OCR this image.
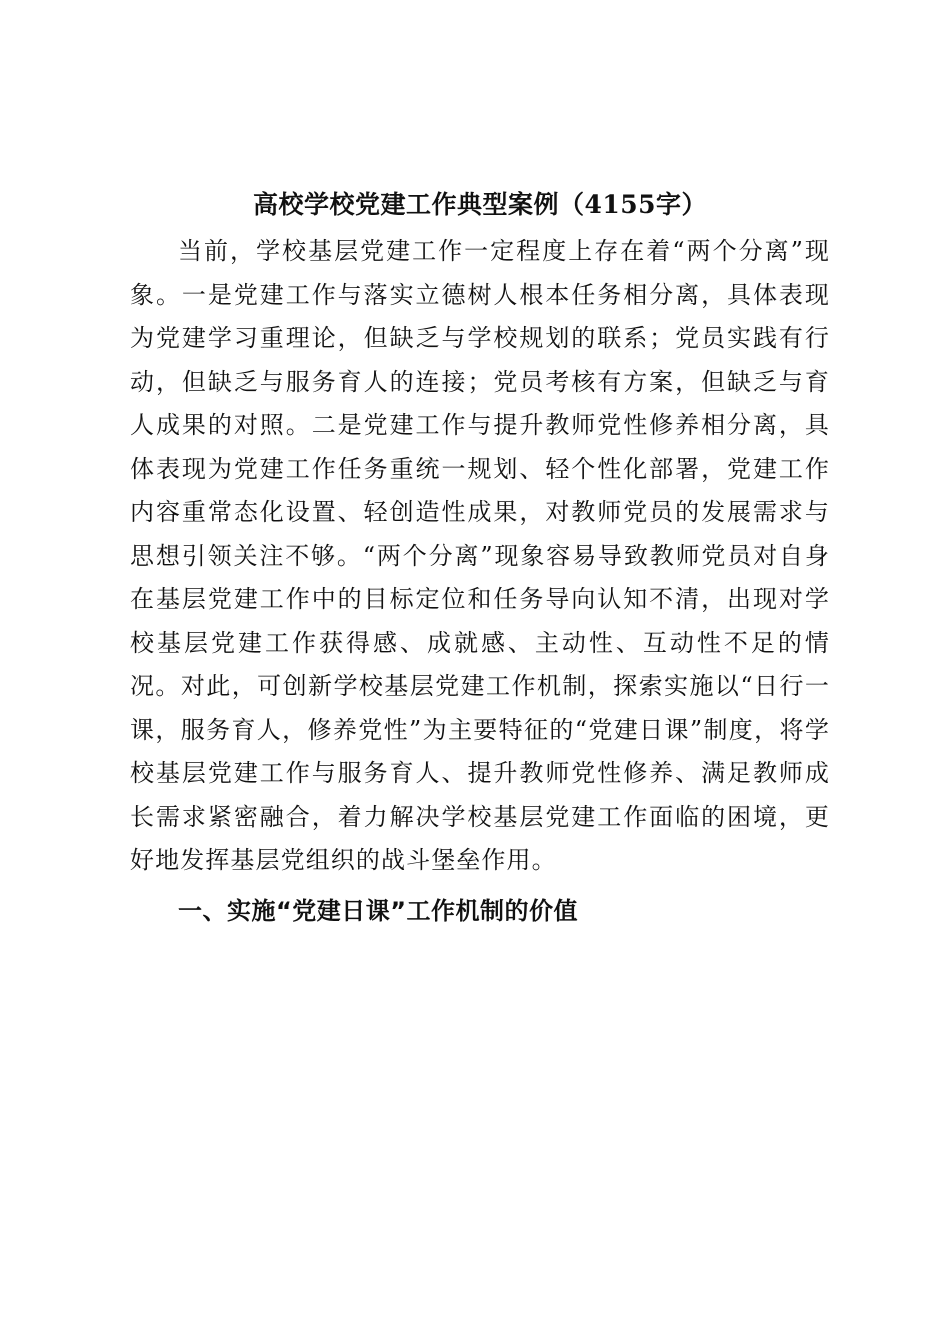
高校学校党建工作典型案例（4155字）

当前，学校基层党建工作一定程度上存在着“两个分离”现象。一是党建工作与落实立德树人根本任务相分离，具体表现为党建学习重理论，但缺乏与学校规划的联系；党员实践有行动，但缺乏与服务育人的连接；党员考核有方案，但缺乏与育人成果的对照。二是党建工作与提升教师党性修养相分离，具体表现为党建工作任务重统一规划、轻个性化部署，党建工作内容重常态化设置、轻创造性成果，对教师党员的发展需求与思想引领关注不够。“两个分离”现象容易导致教师党员对自身在基层党建工作中的目标定位和任务导向认知不清，出现对学校基层党建工作获得感、成就感、主动性、互动性不足的情况。对此，可创新学校基层党建工作机制，探索实施以“日行一课，服务育人，修养党性”为主要特征的“党建日课”制度，将学校基层党建工作与服务育人、提升教师党性修养、满足教师成长需求紧密融合，着力解决学校基层党建工作面临的困境，更好地发挥基层党组织的战斗堡垒作用。

一、实施“党建日课”工作机制的价值
